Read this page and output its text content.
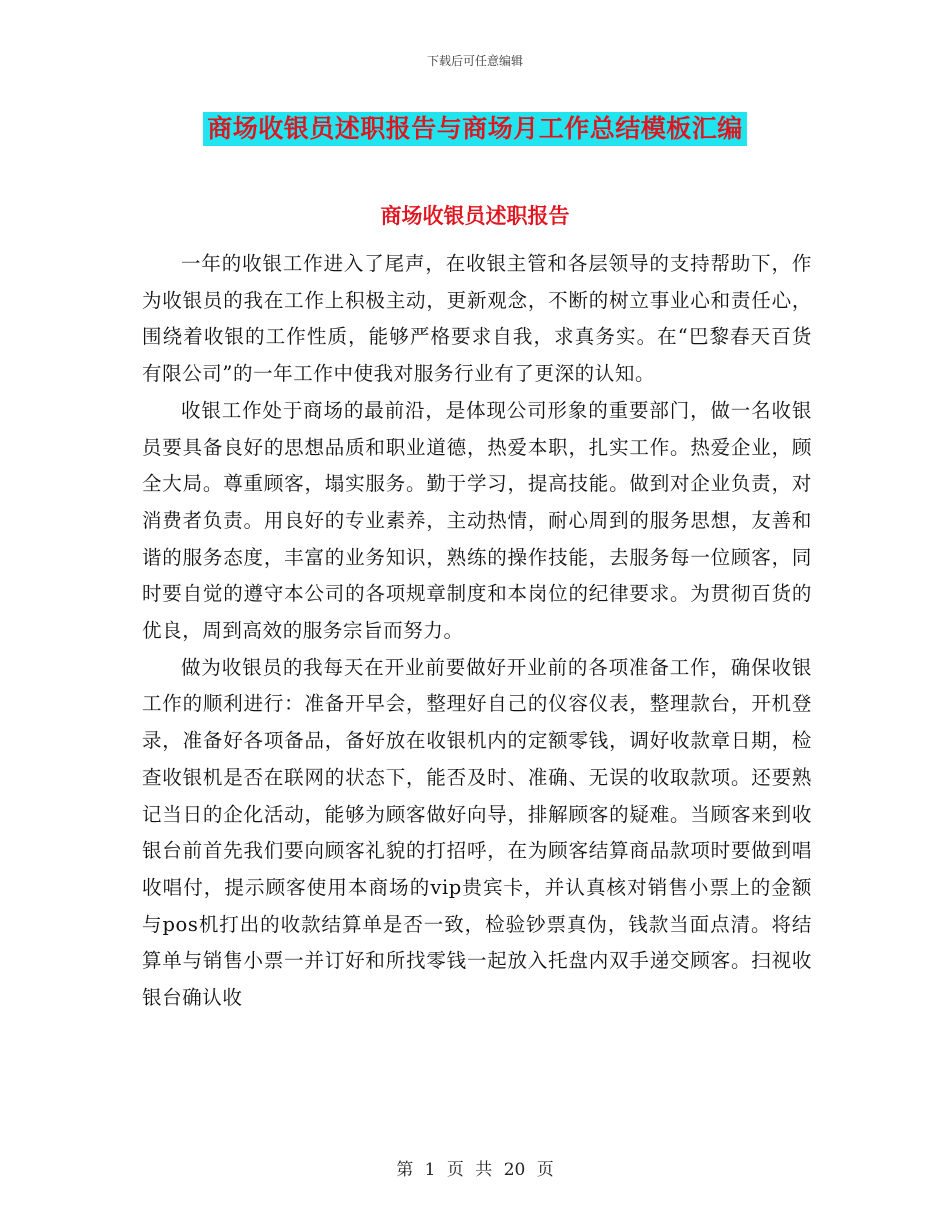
下载后可任意编辑
商场收银员述职报告与商场月工作总结模板汇编
商场收银员述职报告

一年的收银工作进入了尾声，在收银主管和各层领导的支持帮助下，作为收银员的我在工作上积极主动，更新观念，不断的树立事业心和责任心，围绕着收银的工作性质，能够严格要求自我，求真务实。在“巴黎春天百货有限公司”的一年工作中使我对服务行业有了更深的认知。

收银工作处于商场的最前沿，是体现公司形象的重要部门，做一名收银员要具备良好的思想品质和职业道德，热爱本职，扎实工作。热爱企业，顾全大局。尊重顾客，塌实服务。勤于学习，提高技能。做到对企业负责，对消费者负责。用良好的专业素养，主动热情，耐心周到的服务思想，友善和谐的服务态度，丰富的业务知识，熟练的操作技能，去服务每一位顾客，同时要自觉的遵守本公司的各项规章制度和本岗位的纪律要求。为贯彻百货的优良，周到高效的服务宗旨而努力。

做为收银员的我每天在开业前要做好开业前的各项准备工作，确保收银工作的顺利进行：准备开早会，整理好自己的仪容仪表，整理款台，开机登录，准备好各项备品，备好放在收银机内的定额零钱，调好收款章日期，检查收银机是否在联网的状态下，能否及时、准确、无误的收取款项。还要熟记当日的企化活动，能够为顾客做好向导，排解顾客的疑难。当顾客来到收银台前首先我们要向顾客礼貌的打招呼，在为顾客结算商品款项时要做到唱收唱付，提示顾客使用本商场的vip贵宾卡，并认真核对销售小票上的金额与pos机打出的收款结算单是否一致，检验钞票真伪，钱款当面点清。将结算单与销售小票一并订好和所找零钱一起放入托盘内双手递交顾客。扫视收银台确认收

第 1 页 共 20 页
